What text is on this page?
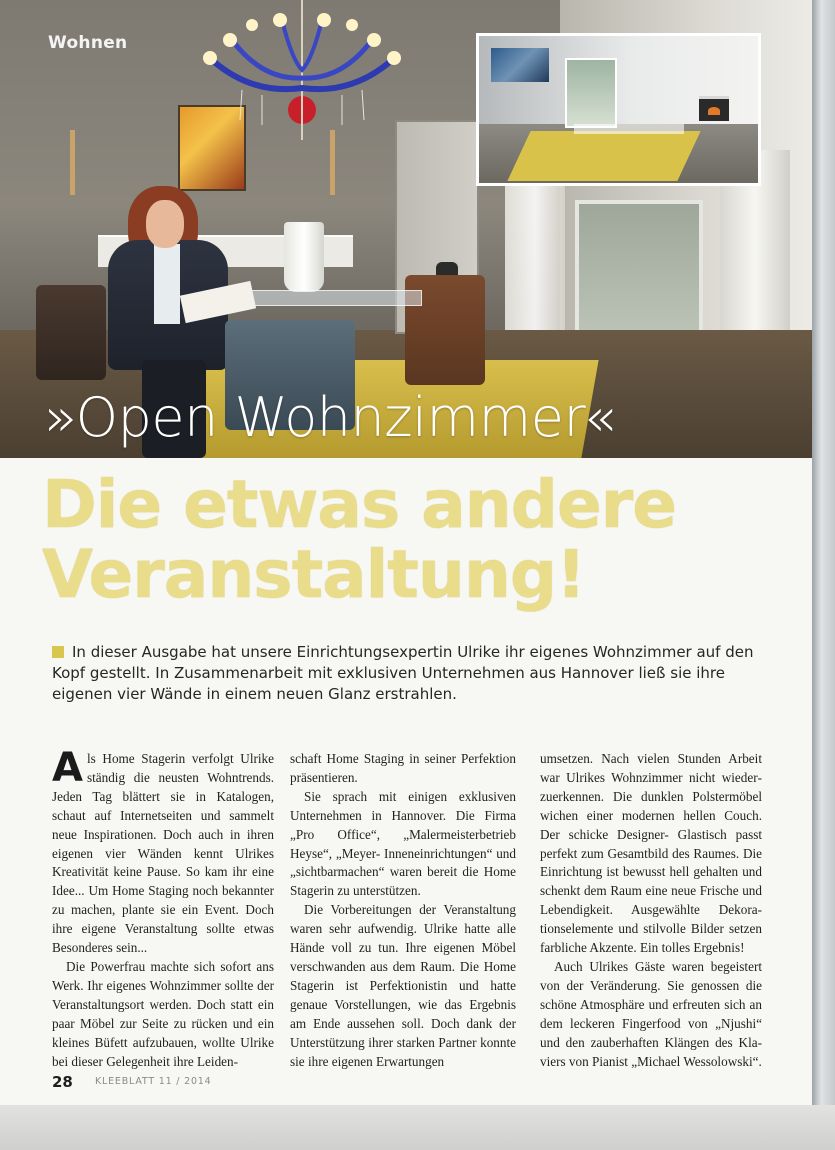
Wohnen
»Open Wohnzimmer«
Die etwas andere
Veranstaltung!
In dieser Ausgabe hat unsere Einrichtungsexpertin Ulrike ihr eigenes Wohnzimmer auf den Kopf gestellt. In Zusammenarbeit mit exklusiven Unternehmen aus Hannover ließ sie ihre eigenen vier Wände in einem neuen Glanz erstrahlen.

Als Home Stagerin verfolgt Ulrike ständig die neusten Wohntrends. Jeden Tag blättert sie in Katalogen, schaut auf Internetseiten und sammelt neue Inspirationen. Doch auch in ihren eigenen vier Wänden kennt Ulrikes Kreativität keine Pause. So kam ihr eine Idee... Um Home Staging noch bekannter zu machen, plante sie ein Event. Doch ihre eigene Veranstaltung sollte etwas Besonderes sein...

Die Powerfrau machte sich sofort ans Werk. Ihr eigenes Wohnzimmer sollte der Veranstaltungsort werden. Doch statt ein paar Möbel zur Seite zu rücken und ein kleines Büfett aufzubauen, wollte Ulrike bei dieser Gelegenheit ihre Leiden-

schaft Home Staging in seiner Perfektion präsentieren.

Sie sprach mit einigen exklusiven Unternehmen in Hannover. Die Firma „Pro Office“, „Malermeisterbetrieb Heyse“, „Meyer- Inneneinrichtungen“ und „sichtbarmachen“ waren bereit die Home Stagerin zu unterstützen.

Die Vorbereitungen der Veranstaltung waren sehr aufwendig. Ulrike hatte alle Hände voll zu tun. Ihre eigenen Möbel verschwanden aus dem Raum. Die Home Stagerin ist Perfektionistin und hatte genaue Vorstellungen, wie das Ergebnis am Ende aussehen soll. Doch dank der Unterstützung ihrer starken Partner konnte sie ihre eigenen Erwartungen

umsetzen. Nach vielen Stunden Arbeit war Ulrikes Wohnzimmer nicht wiederzuerkennen. Die dunklen Polstermöbel wichen einer modernen hellen Couch. Der schicke Designer- Glastisch passt perfekt zum Gesamtbild des Raumes. Die Einrichtung ist bewusst hell gehalten und schenkt dem Raum eine neue Frische und Lebendigkeit. Ausgewählte Dekorationselemente und stilvolle Bilder setzen farbliche Akzente. Ein tolles Ergebnis!

Auch Ulrikes Gäste waren begeistert von der Veränderung. Sie genossen die schöne Atmosphäre und erfreuten sich an dem leckeren Fingerfood von „Njushi“ und den zauberhaften Klängen des Klaviers von Pianist „Michael Wessolowski“.

28 KLEEBLATT 11 / 2014
